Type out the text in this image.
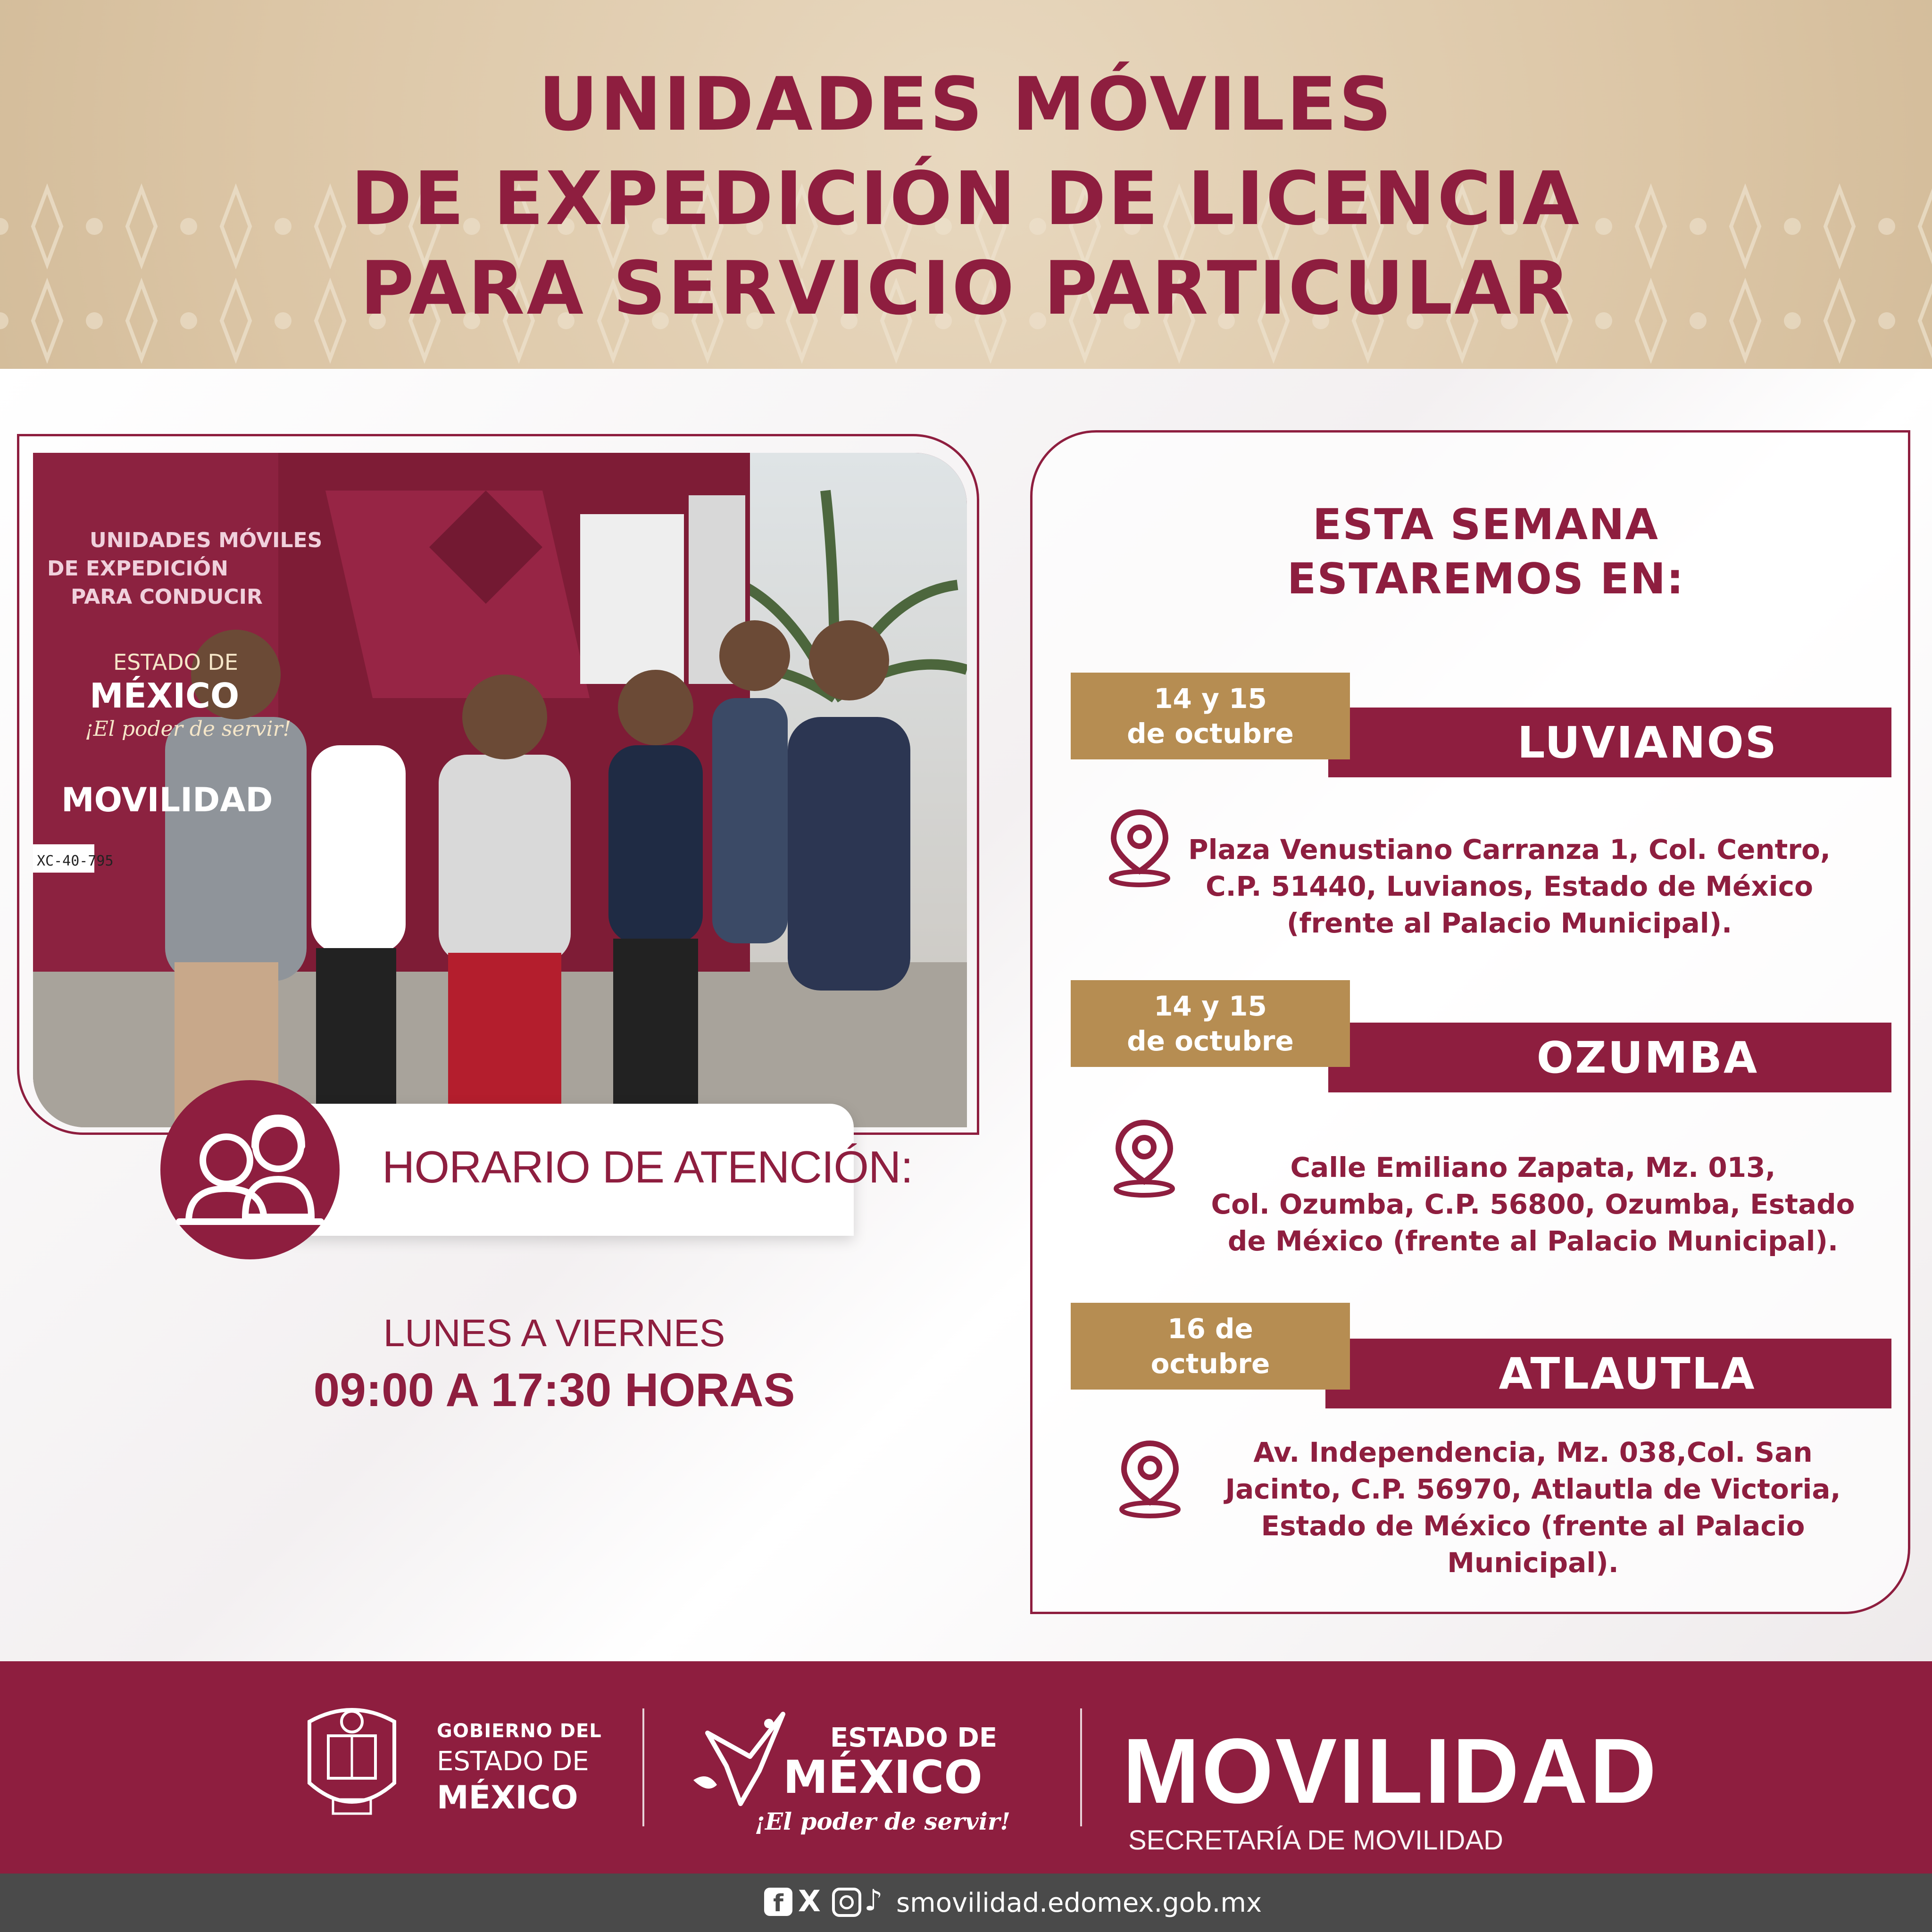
UNIDADES MÓVILES
DE EXPEDICIÓN DE LICENCIA
PARA SERVICIO PARTICULAR
UNIDADES MÓVILES
DE EXPEDICIÓN
PARA CONDUCIR
ESTADO DE
MÉXICO
¡El poder de servir!
MOVILIDAD
XC-40-795
HORARIO DE ATENCIÓN:
LUNES A VIERNES
09:00 A 17:30 HORAS
ESTA SEMANA
ESTAREMOS EN:
LUVIANOS
14 y 15
de octubre
Plaza Venustiano Carranza 1, Col. Centro,
C.P. 51440, Luvianos, Estado de México
(frente al Palacio Municipal).
OZUMBA
14 y 15
de octubre
Calle Emiliano Zapata, Mz. 013,
Col. Ozumba, C.P. 56800, Ozumba, Estado
de México (frente al Palacio Municipal).
ATLAUTLA
16 de
octubre
Av. Independencia, Mz. 038,Col. San
Jacinto, C.P. 56970, Atlautla de Victoria,
Estado de México (frente al Palacio
Municipal).
GOBIERNO DEL
ESTADO DE
MÉXICO
ESTADO DE
MÉXICO
¡El poder de servir! MOVILIDAD
SECRETARÍA DE MOVILIDAD
f X ♪ smovilidad.edomex.gob.mx
